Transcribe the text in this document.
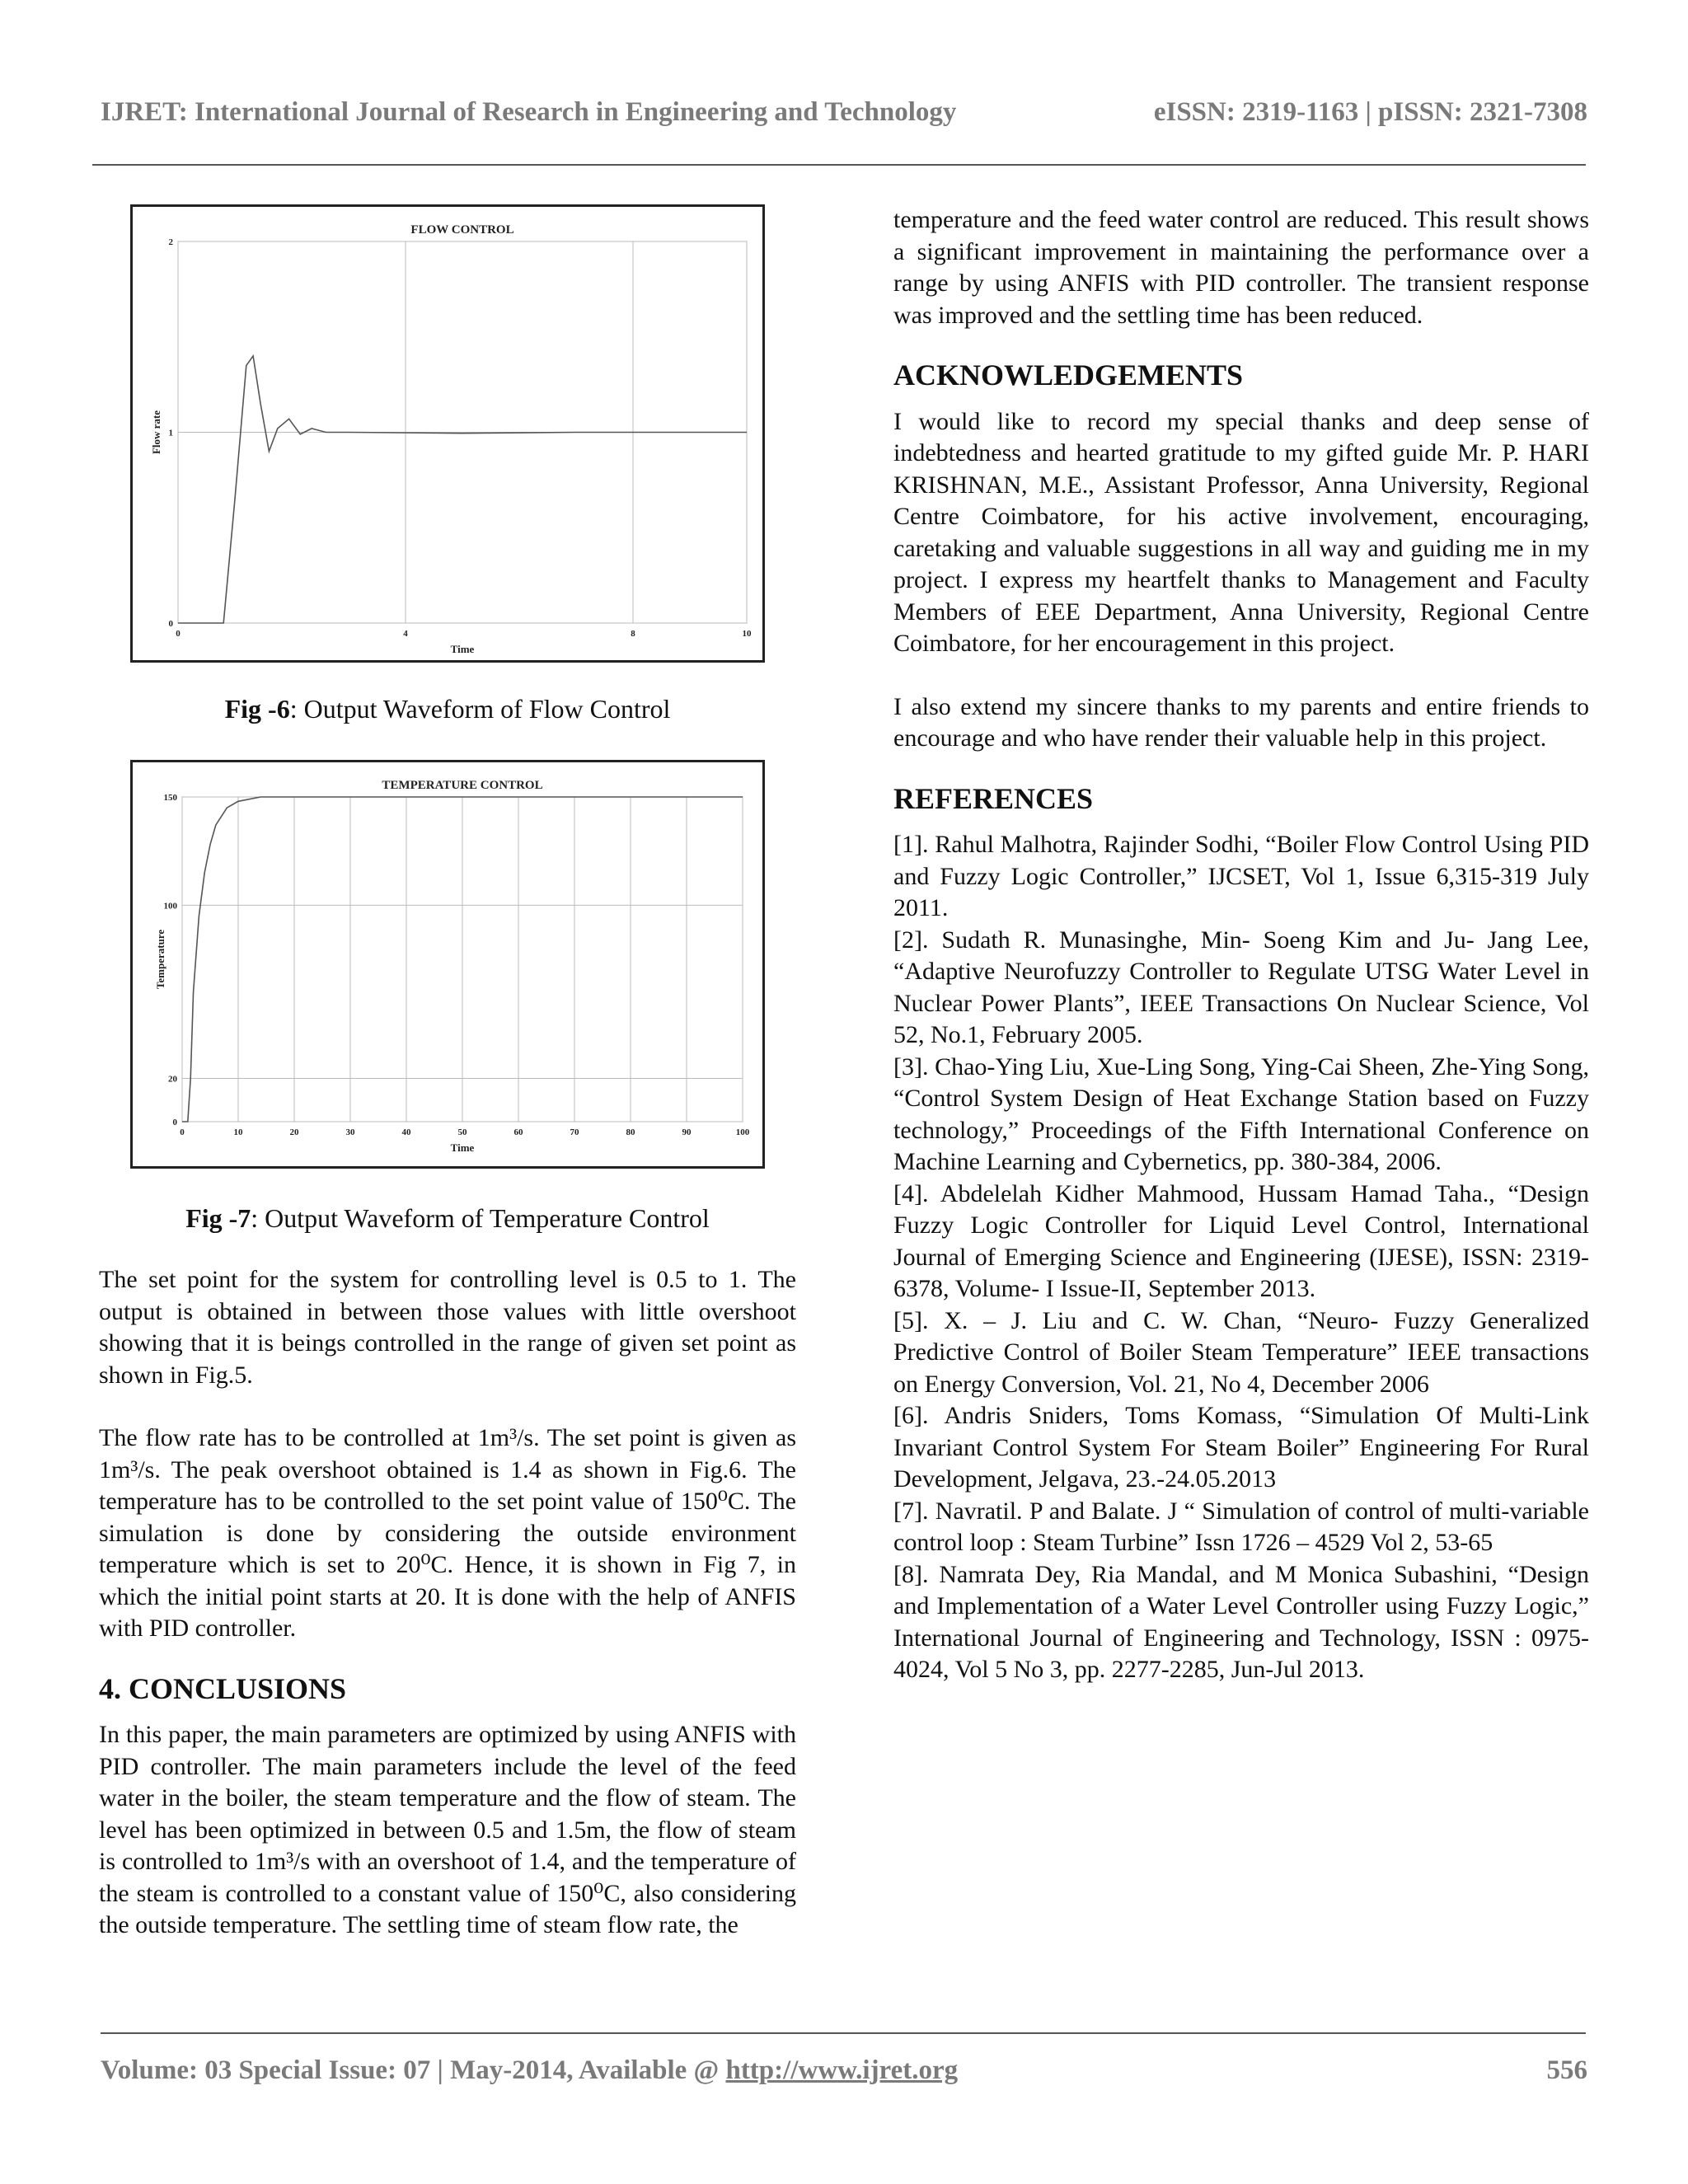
IJRET: International Journal of Research in Engineering and Technology	eISSN: 2319-1163 | pISSN: 2321-7308
0	4	8	10
0
1
2
FLOW CONTROL
Time
Flow rate
Fig -6: Output Waveform of Flow Control
0	10	20	30	40	50	60	70	80	90	100
0
20
100
150
TEMPERATURE CONTROL
Time
Temperature
Fig -7: Output Waveform of Temperature Control

The set point for the system for controlling level is 0.5 to 1. The output is obtained in between those values with little overshoot showing that it is beings controlled in the range of given set point as shown in Fig.5.

The flow rate has to be controlled at 1m³/s. The set point is given as 1m³/s. The peak overshoot obtained is 1.4 as shown in Fig.6. The temperature has to be controlled to the set point value of 150⁰C. The simulation is done by considering the outside environment temperature which is set to 20⁰C. Hence, it is shown in Fig 7, in which the initial point starts at 20. It is done with the help of ANFIS with PID controller.

4. CONCLUSIONS

In this paper, the main parameters are optimized by using ANFIS with PID controller. The main parameters include the level of the feed water in the boiler, the steam temperature and the flow of steam. The level has been optimized in between 0.5 and 1.5m, the flow of steam is controlled to 1m³/s with an overshoot of 1.4, and the temperature of the steam is controlled to a constant value of 150⁰C, also considering the outside temperature. The settling time of steam flow rate, the

temperature and the feed water control are reduced. This result shows a significant improvement in maintaining the performance over a range by using ANFIS with PID controller. The transient response was improved and the settling time has been reduced.

ACKNOWLEDGEMENTS

I would like to record my special thanks and deep sense of indebtedness and hearted gratitude to my gifted guide Mr. P. HARI KRISHNAN, M.E., Assistant Professor, Anna University, Regional Centre Coimbatore, for his active involvement, encouraging, caretaking and valuable suggestions in all way and guiding me in my project. I express my heartfelt thanks to Management and Faculty Members of EEE Department, Anna University, Regional Centre Coimbatore, for her encouragement in this project.

I also extend my sincere thanks to my parents and entire friends to encourage and who have render their valuable help in this project.

REFERENCES

[1]. Rahul Malhotra, Rajinder Sodhi, “Boiler Flow Control Using PID and Fuzzy Logic Controller,” IJCSET, Vol 1, Issue 6,315-319 July 2011.

[2]. Sudath R. Munasinghe, Min- Soeng Kim and Ju- Jang Lee, “Adaptive Neurofuzzy Controller to Regulate UTSG Water Level in Nuclear Power Plants”, IEEE Transactions On Nuclear Science, Vol 52, No.1, February 2005.

[3]. Chao-Ying Liu, Xue-Ling Song, Ying-Cai Sheen, Zhe-Ying Song, “Control System Design of Heat Exchange Station based on Fuzzy technology,” Proceedings of the Fifth International Conference on Machine Learning and Cybernetics, pp. 380-384, 2006.

[4]. Abdelelah Kidher Mahmood, Hussam Hamad Taha., “Design Fuzzy Logic Controller for Liquid Level Control, International Journal of Emerging Science and Engineering (IJESE), ISSN: 2319-6378, Volume- I Issue-II, September 2013.

[5]. X. – J. Liu and C. W. Chan, “Neuro- Fuzzy Generalized Predictive Control of Boiler Steam Temperature” IEEE transactions on Energy Conversion, Vol. 21, No 4, December 2006

[6]. Andris Sniders, Toms Komass, “Simulation Of Multi-Link Invariant Control System For Steam Boiler” Engineering For Rural Development, Jelgava, 23.-24.05.2013

[7]. Navratil. P and Balate. J “ Simulation of control of multi-variable control loop : Steam Turbine” Issn 1726 – 4529 Vol 2, 53-65

[8]. Namrata Dey, Ria Mandal, and M Monica Subashini, “Design and Implementation of a Water Level Controller using Fuzzy Logic,” International Journal of Engineering and Technology, ISSN : 0975-4024, Vol 5 No 3, pp. 2277-2285, Jun-Jul 2013.

Volume: 03 Special Issue: 07 | May-2014, Available @ http://www.ijret.org	556
